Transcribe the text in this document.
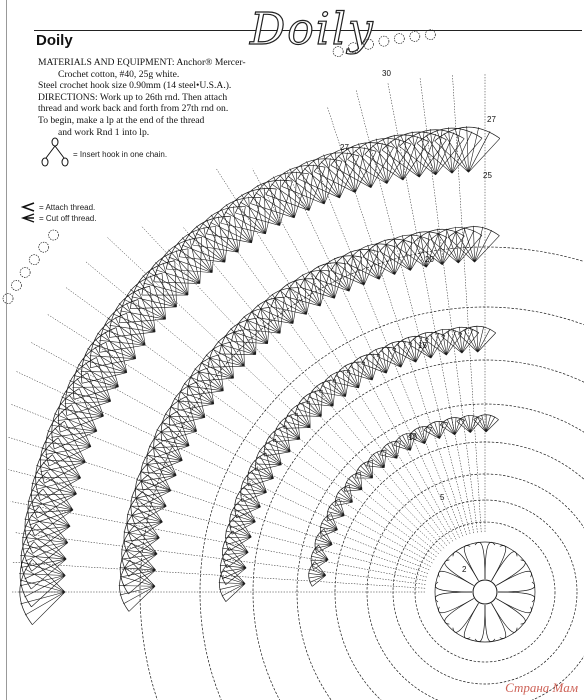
Doily	Doily
MATERIALS AND EQUIPMENT: Anchor® Mercer-
Crochet cotton, #40, 25g white.
Steel crochet hook size 0.90mm (14 steel•U.S.A.).
DIRECTIONS: Work up to 26th rnd. Then attach
thread and work back and forth from 27th rnd on.
To begin, make a lp at the end of the thread
and work Rnd 1 into lp.
= Insert hook in one chain.
= Attach thread.
= Cut off thread.
30
27
27
25
20
15
10
5
2
Страна Мам
